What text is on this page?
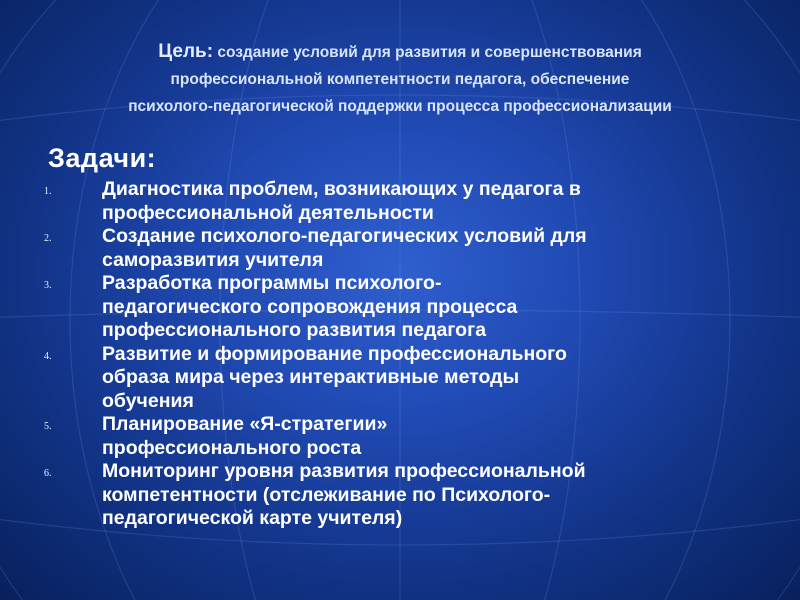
Цель: создание условий для развития и совершенствования
профессиональной компетентности педагога, обеспечение
психолого-педагогической поддержки процесса профессионализации
Задачи:
1.	Диагностика проблем, возникающих у педагога в
профессиональной деятельности
2.	Создание психолого-педагогических условий для
саморазвития учителя
3.	Разработка программы психолого-
педагогического сопровождения процесса
профессионального развития педагога
4.	Развитие и формирование профессионального
образа мира через интерактивные методы
обучения
5.	Планирование «Я-стратегии»
профессионального роста
6.	Мониторинг уровня развития профессиональной
компетентности (отслеживание по Психолого-
педагогической карте учителя)
